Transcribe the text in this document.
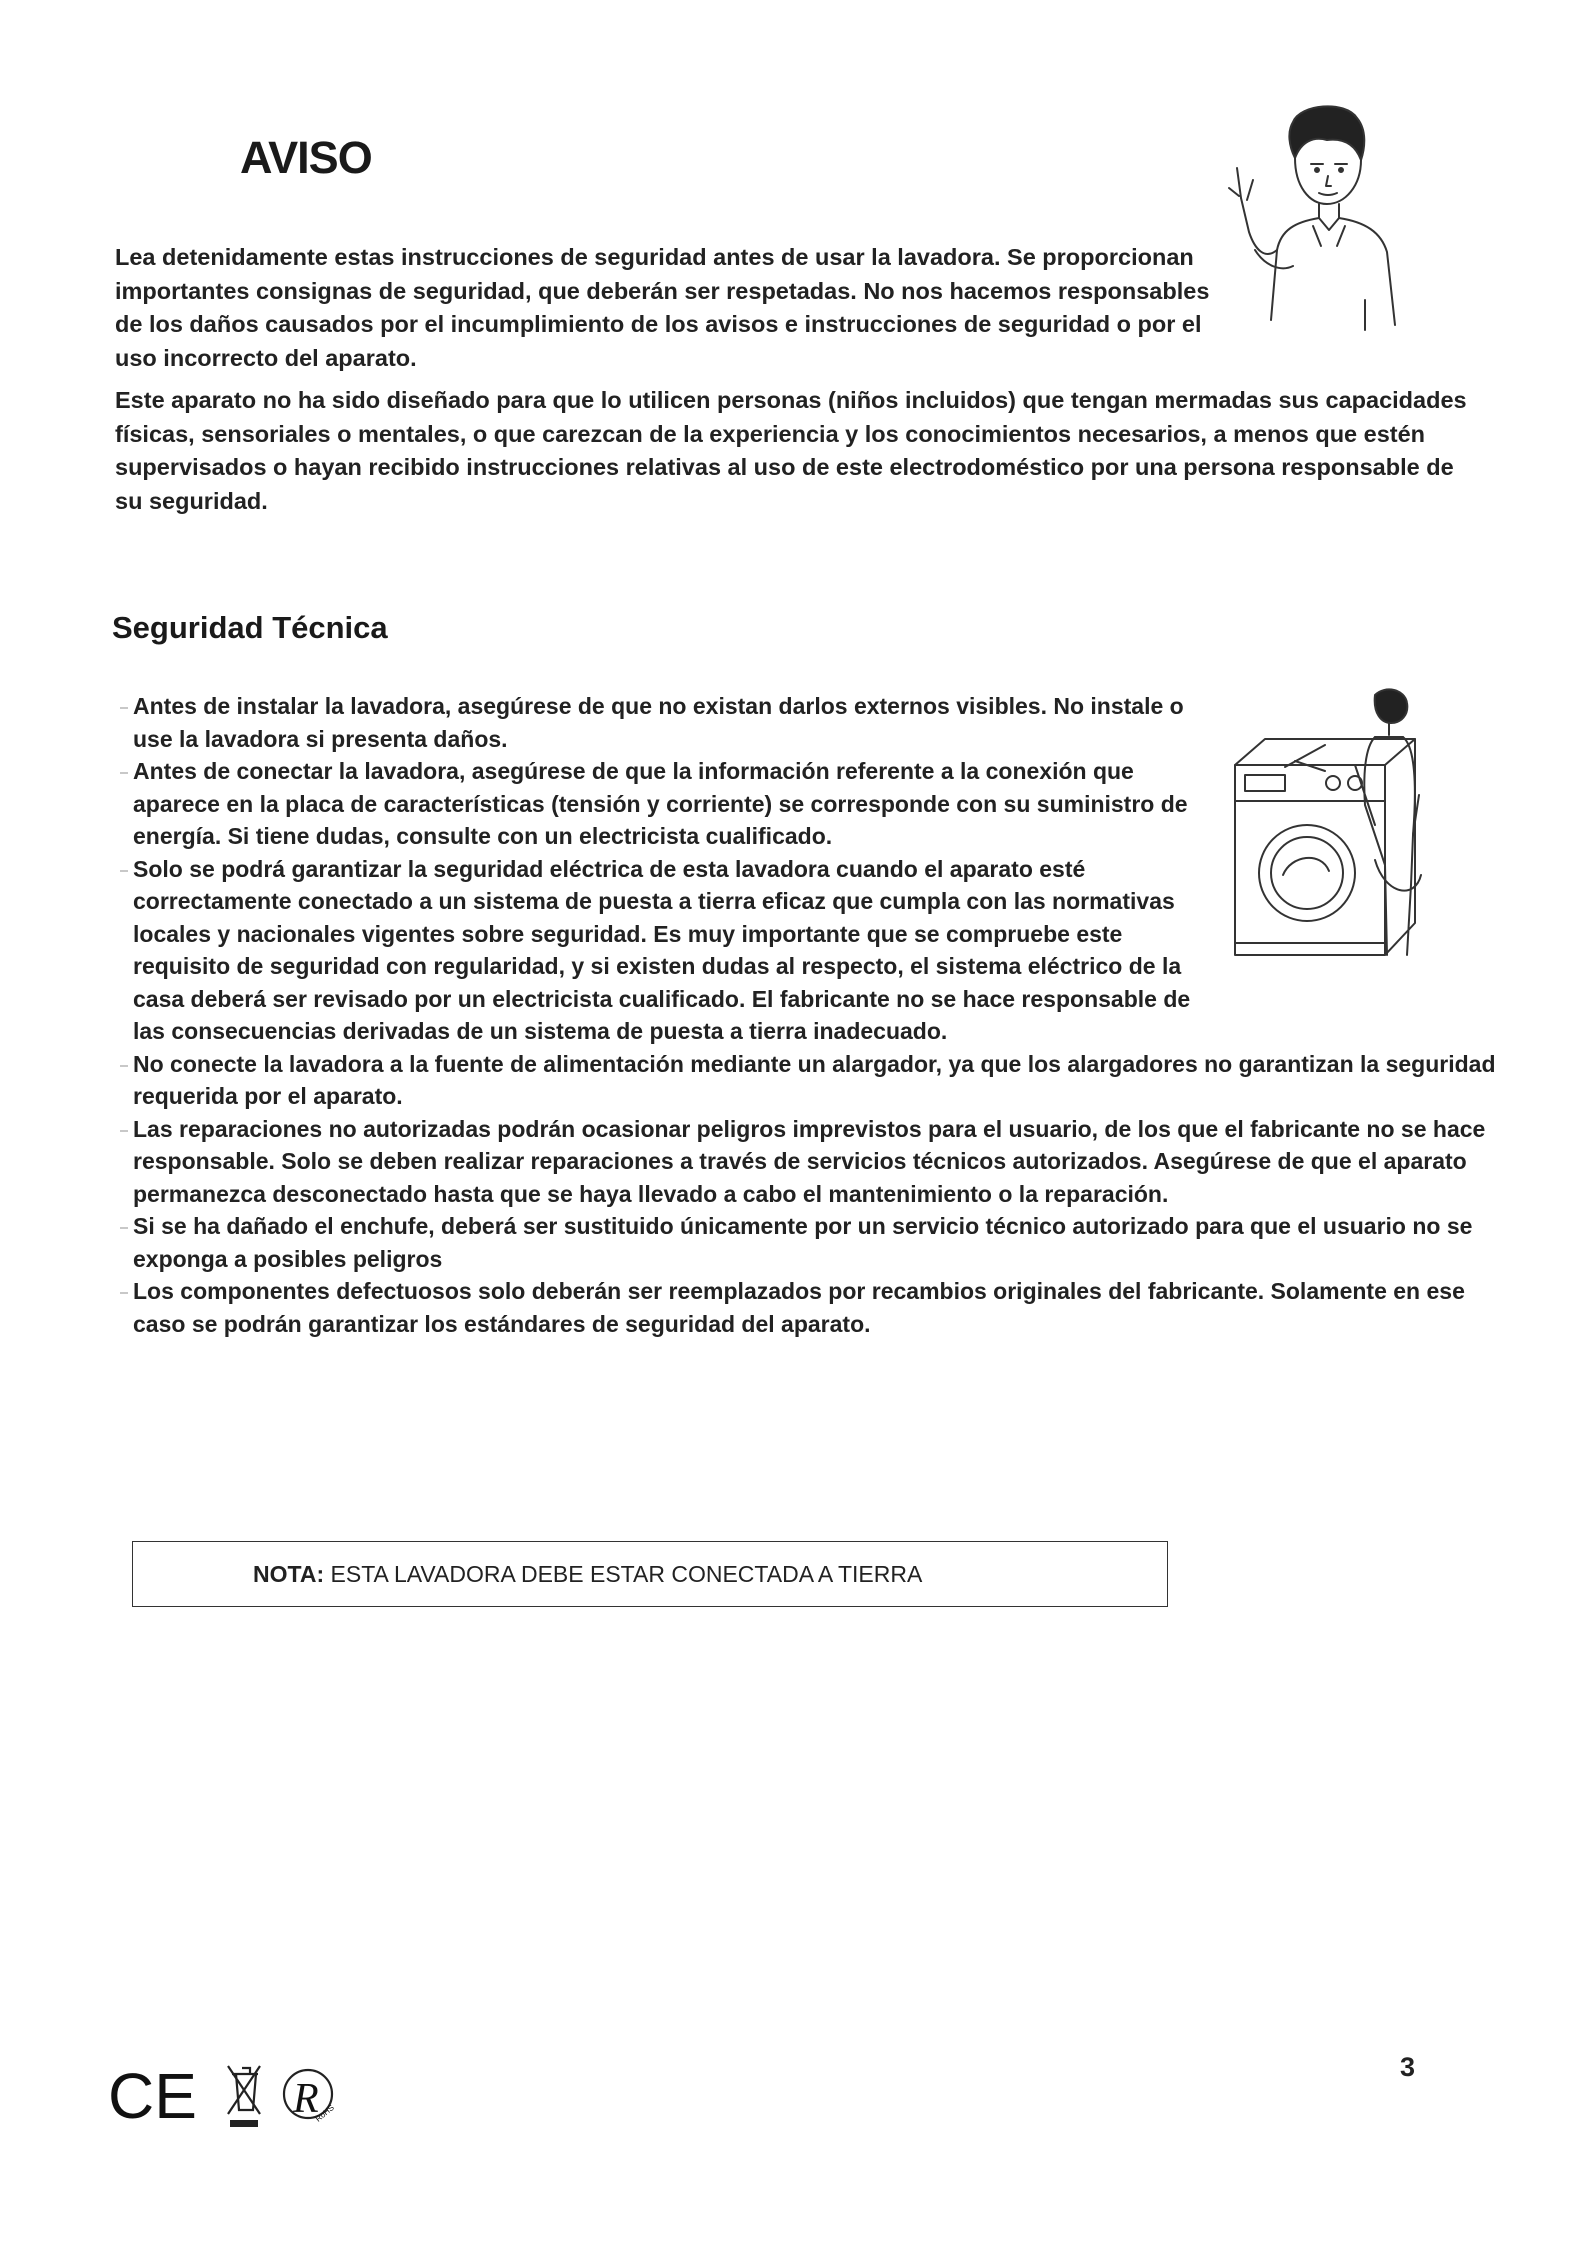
AVISO

Lea detenidamente estas instrucciones de seguridad antes de usar la lavadora. Se proporcionan importantes consignas de seguridad, que deberán ser respetadas. No nos hacemos responsables de los daños causados por el incumplimiento de los avisos e instrucciones de seguridad o por el uso incorrecto del aparato.

Este aparato no ha sido diseñado para que lo utilicen personas (niños incluidos) que tengan mermadas sus capacidades físicas, sensoriales o mentales, o que carezcan de la experiencia y los conocimientos necesarios, a menos que estén supervisados o hayan recibido instrucciones relativas al uso de este electrodoméstico por una persona responsable de su seguridad.

Seguridad Técnica
Antes de instalar la lavadora, asegúrese de que no existan darlos externos visibles. No instale o use la lavadora si presenta daños.
Antes de conectar la lavadora, asegúrese de que la información referente a la conexión que aparece en la placa de características (tensión y corriente) se corresponde con su suministro de energía. Si tiene dudas, consulte con un electricista cualificado.
Solo se podrá garantizar la seguridad eléctrica de esta lavadora cuando el aparato esté correctamente conectado a un sistema de puesta a tierra eficaz que cumpla con las normativas locales y nacionales vigentes sobre seguridad. Es muy importante que se compruebe este requisito de seguridad con regularidad, y si existen dudas al respecto, el sistema eléctrico de la casa deberá ser revisado por un electricista cualificado. El fabricante no se hace responsable de las consecuencias derivadas de un sistema de puesta a tierra inadecuado.
No conecte la lavadora a la fuente de alimentación mediante un alargador, ya que los alargadores no garantizan la seguridad requerida por el aparato.
Las reparaciones no autorizadas podrán ocasionar peligros imprevistos para el usuario, de los que el fabricante no se hace responsable. Solo se deben realizar reparaciones a través de servicios técnicos autorizados. Asegúrese de que el aparato permanezca desconectado hasta que se haya llevado a cabo el mantenimiento o la reparación.
Si se ha dañado el enchufe, deberá ser sustituido únicamente por un servicio técnico autorizado para que el usuario no se exponga a posibles peligros
Los componentes defectuosos solo deberán ser reemplazados por recambios originales del fabricante. Solamente en ese caso se podrán garantizar los estándares de seguridad del aparato.
NOTA: ESTA LAVADORA DEBE ESTAR CONECTADA A TIERRA
CE R
RoHS
3
